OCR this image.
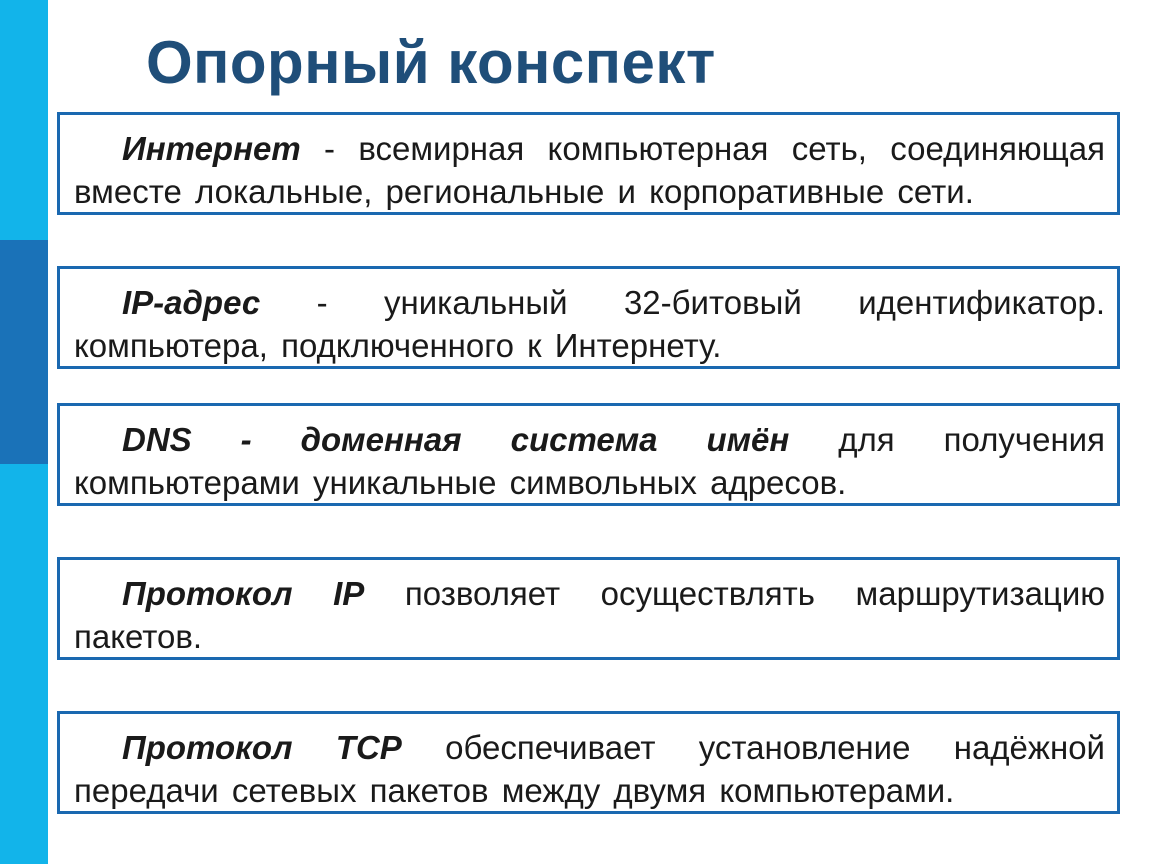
Опорный конспект

Интернет - всемирная компьютерная сеть, соединяющая вместе локальные, региональные и корпоративные сети.

IP-адрес - уникальный 32-битовый идентификатор. компьютера, подключенного к Интернету.

DNS - доменная система имён для получения компьютерами уникальные символьных адресов.

Протокол IP позволяет осуществлять маршрутизацию пакетов.

Протокол TCP обеспечивает установление надёжной передачи сетевых пакетов между двумя компьютерами.
